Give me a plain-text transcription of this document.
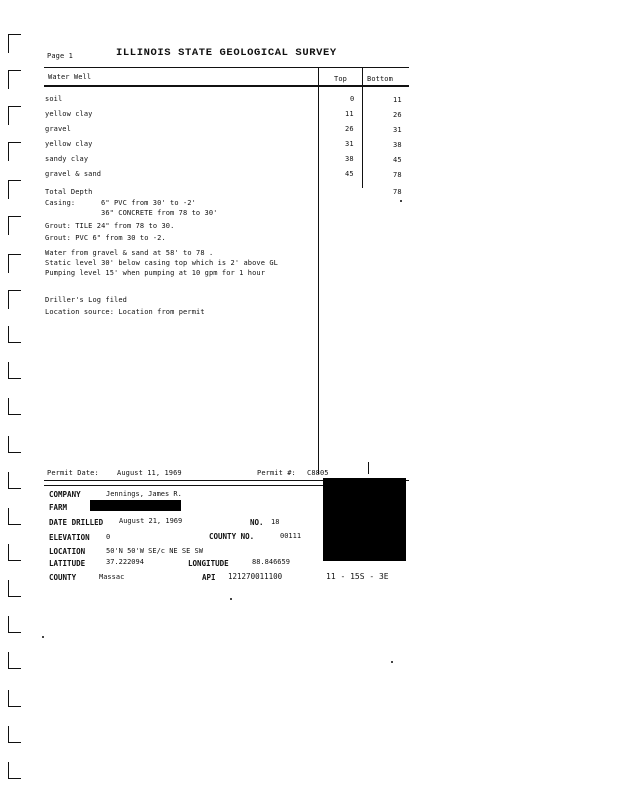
Page 1	ILLINOIS STATE GEOLOGICAL SURVEY
Water Well	Top	Bottom
soil	0	11
yellow clay	11	26
gravel	26	31
yellow clay	31	38
sandy clay	38	45
gravel & sand	45	78
Total Depth	78
Casing:	6" PVC from 30' to -2'
36" CONCRETE from 78 to 30'
Grout: TILE 24" from 78 to 30.
Grout: PVC 6" from 30 to -2.
Water from gravel & sand at 58' to 78 .
Static level 30' below casing top which is 2' above GL
Pumping level 15' when pumping at 10 gpm for 1 hour
Driller's Log filed
Location source: Location from permit
Permit Date:	August 11, 1969	Permit #: C8805
COMPANY	Jennings, James R.
FARM
DATE DRILLED August 21, 1969	NO. 18
ELEVATION 0	COUNTY NO.	00111
LOCATION	50'N 50'W SE/c NE SE SW
LATITUDE	37.222094	LONGITUDE	88.846659
COUNTY	Massac	API 121270011100	11 - 15S - 3E
